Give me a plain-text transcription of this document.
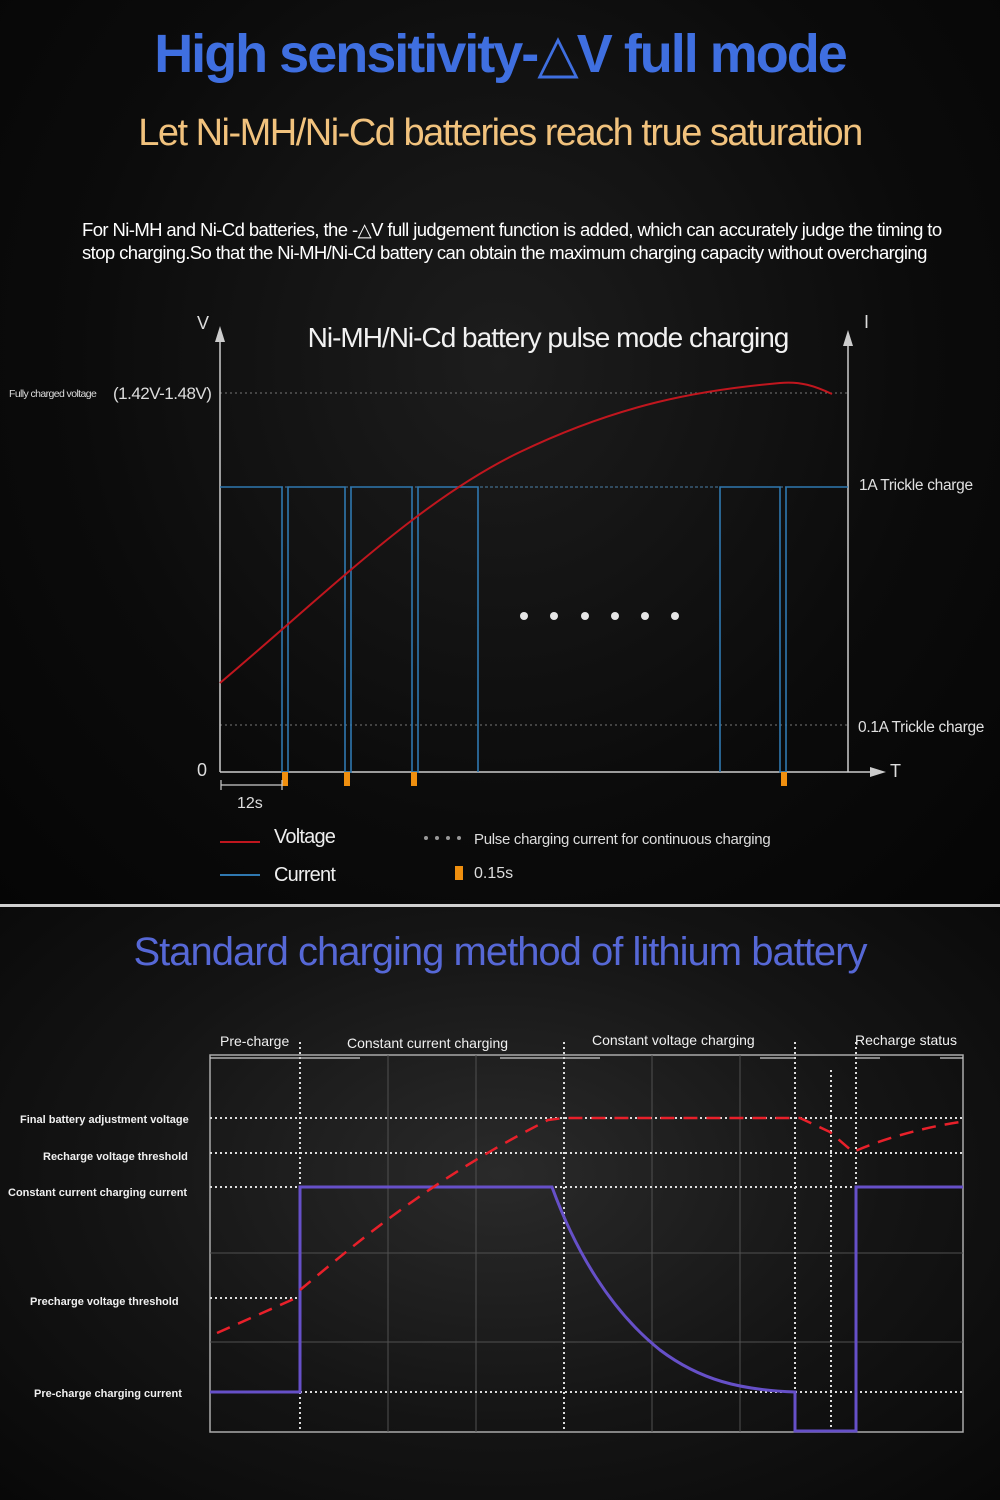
High sensitivity-△V full mode
Let Ni-MH/Ni-Cd batteries reach true saturation
For Ni-MH and Ni-Cd batteries, the -△V full judgement function is added, which can accurately judge the timing to stop charging.So that the Ni-MH/Ni-Cd battery can obtain the maximum charging capacity without overcharging
12s
Ni-MH/Ni-Cd battery pulse mode charging
V	I
T
0
Fully charged voltage (1.42V-1.48V)
1A Trickle charge
0.1A Trickle charge
Voltage
Current
Pulse charging current for continuous charging
0.15s
Standard charging method of lithium battery
Pre-charge	Constant current charging	Constant voltage charging	Recharge status
Final battery adjustment voltage
Recharge voltage threshold
Constant current charging current
Precharge voltage threshold
Pre-charge charging current
